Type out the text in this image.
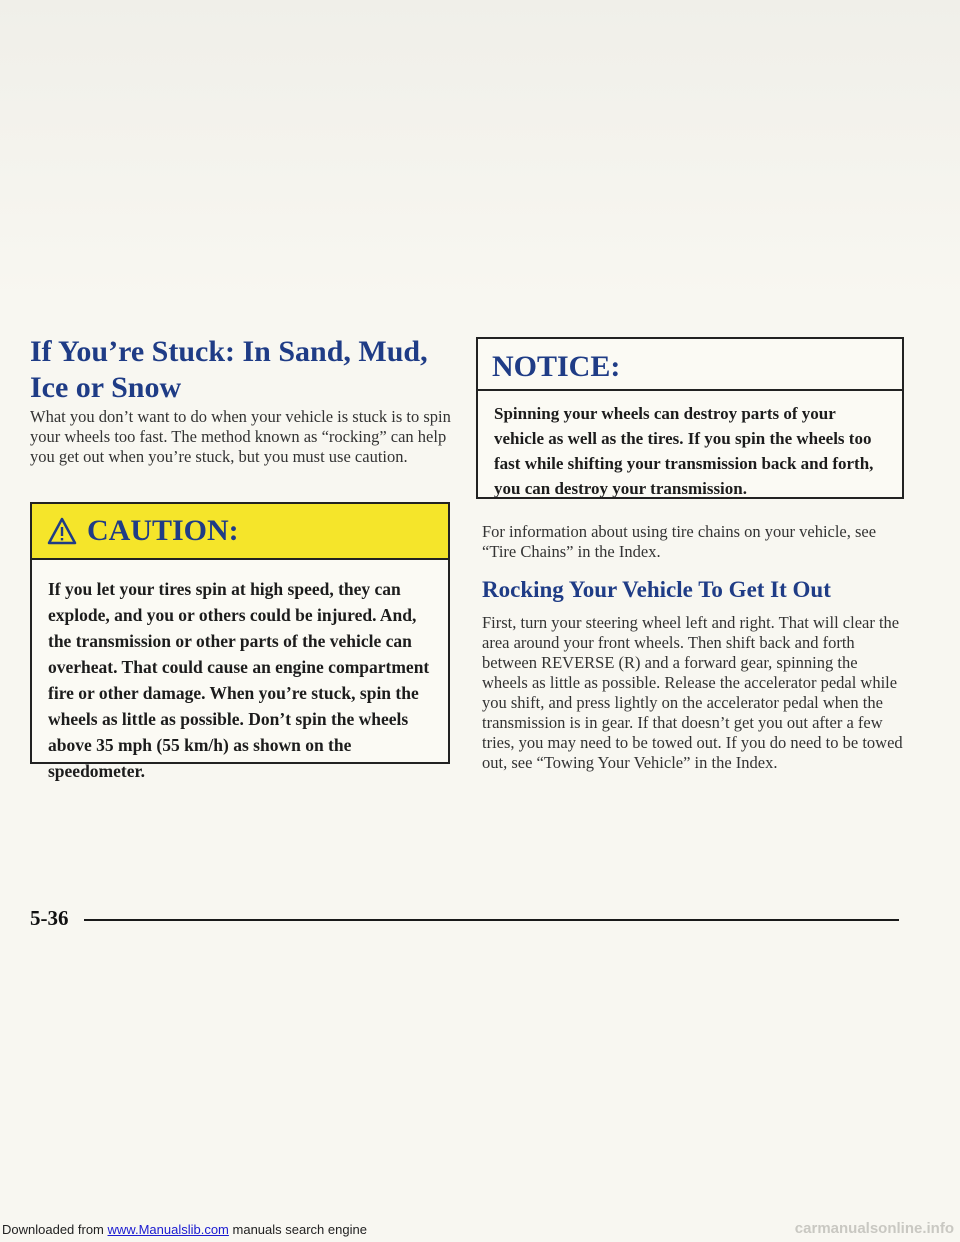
If You’re Stuck: In Sand, Mud, Ice or Snow

What you don’t want to do when your vehicle is stuck is to spin your wheels too fast. The method known as “rocking” can help you get out when you’re stuck, but you must use caution.

CAUTION:

If you let your tires spin at high speed, they can explode, and you or others could be injured. And, the transmission or other parts of the vehicle can overheat. That could cause an engine compartment fire or other damage. When you’re stuck, spin the wheels as little as possible. Don’t spin the wheels above 35 mph (55 km/h) as shown on the speedometer.

NOTICE:

Spinning your wheels can destroy parts of your vehicle as well as the tires. If you spin the wheels too fast while shifting your transmission back and forth, you can destroy your transmission.

For information about using tire chains on your vehicle, see “Tire Chains” in the Index.

Rocking Your Vehicle To Get It Out

First, turn your steering wheel left and right. That will clear the area around your front wheels. Then shift back and forth between REVERSE (R) and a forward gear, spinning the wheels as little as possible. Release the accelerator pedal while you shift, and press lightly on the accelerator pedal when the transmission is in gear. If that doesn’t get you out after a few tries, you may need to be towed out. If you do need to be towed out, see “Towing Your Vehicle” in the Index.

5-36
Downloaded from www.Manualslib.com manuals search engine	carmanualsonline.info
